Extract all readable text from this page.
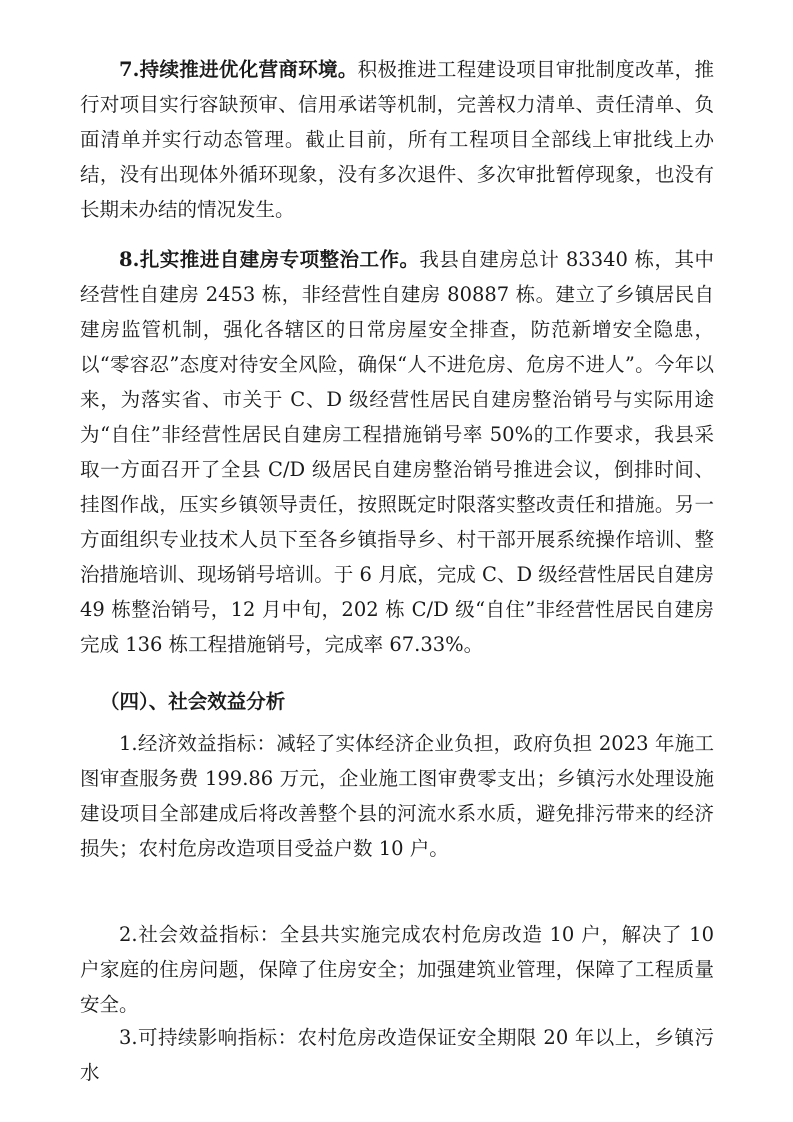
7.持续推进优化营商环境。积极推进工程建设项目审批制度改革，推行对项目实行容缺预审、信用承诺等机制，完善权力清单、责任清单、负面清单并实行动态管理。截止目前，所有工程项目全部线上审批线上办结，没有出现体外循环现象，没有多次退件、多次审批暂停现象，也没有长期未办结的情况发生。

8.扎实推进自建房专项整治工作。我县自建房总计 83340 栋，其中经营性自建房 2453 栋，非经营性自建房 80887 栋。建立了乡镇居民自建房监管机制，强化各辖区的日常房屋安全排查，防范新增安全隐患，以“零容忍”态度对待安全风险，确保“人不进危房、危房不进人”。今年以来，为落实省、市关于 C、D 级经营性居民自建房整治销号与实际用途为“自住”非经营性居民自建房工程措施销号率 50%的工作要求，我县采取一方面召开了全县 C/D 级居民自建房整治销号推进会议，倒排时间、挂图作战，压实乡镇领导责任，按照既定时限落实整改责任和措施。另一方面组织专业技术人员下至各乡镇指导乡、村干部开展系统操作培训、整治措施培训、现场销号培训。于 6 月底，完成 C、D 级经营性居民自建房 49 栋整治销号，12 月中旬，202 栋 C/D 级“自住”非经营性居民自建房完成 136 栋工程措施销号，完成率 67.33%。

（四）、社会效益分析

1.经济效益指标：减轻了实体经济企业负担，政府负担 2023 年施工图审查服务费 199.86 万元，企业施工图审费零支出；乡镇污水处理设施建设项目全部建成后将改善整个县的河流水系水质，避免排污带来的经济损失；农村危房改造项目受益户数 10 户。

2.社会效益指标：全县共实施完成农村危房改造 10 户，解决了 10 户家庭的住房问题，保障了住房安全；加强建筑业管理，保障了工程质量安全。

3.可持续影响指标：农村危房改造保证安全期限 20 年以上，乡镇污水
